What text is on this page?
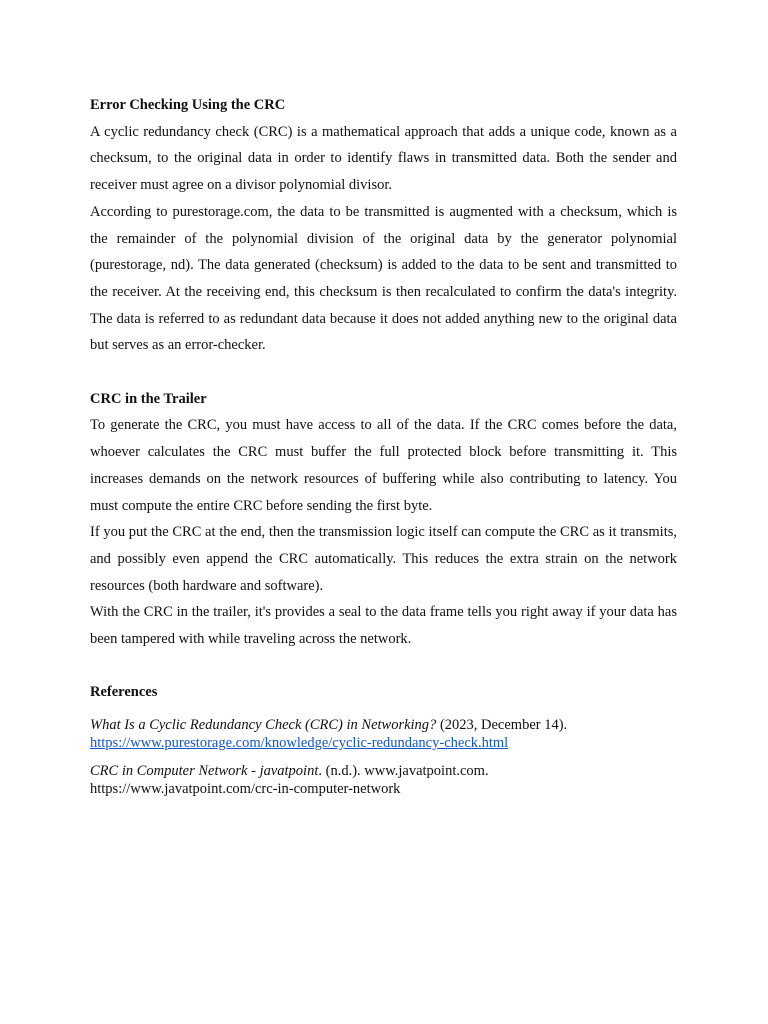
Error Checking Using the CRC

A cyclic redundancy check (CRC) is a mathematical approach that adds a unique code, known as a checksum, to the original data in order to identify flaws in transmitted data. Both the sender and receiver must agree on a divisor polynomial divisor.

According to purestorage.com, the data to be transmitted is augmented with a checksum, which is the remainder of the polynomial division of the original data by the generator polynomial (purestorage, nd). The data generated (checksum) is added to the data to be sent and transmitted to the receiver. At the receiving end, this checksum is then recalculated to confirm the data's integrity. The data is referred to as redundant data because it does not added anything new to the original data but serves as an error-checker.

CRC in the Trailer

To generate the CRC, you must have access to all of the data. If the CRC comes before the data, whoever calculates the CRC must buffer the full protected block before transmitting it. This increases demands on the network resources of buffering while also contributing to latency. You must compute the entire CRC before sending the first byte.

If you put the CRC at the end, then the transmission logic itself can compute the CRC as it transmits, and possibly even append the CRC automatically. This reduces the extra strain on the network resources (both hardware and software).

With the CRC in the trailer, it's provides a seal to the data frame tells you right away if your data has been tampered with while traveling across the network.

References

What Is a Cyclic Redundancy Check (CRC) in Networking? (2023, December 14).

https://www.purestorage.com/knowledge/cyclic-redundancy-check.html

CRC in Computer Network - javatpoint. (n.d.). www.javatpoint.com.

https://www.javatpoint.com/crc-in-computer-network
